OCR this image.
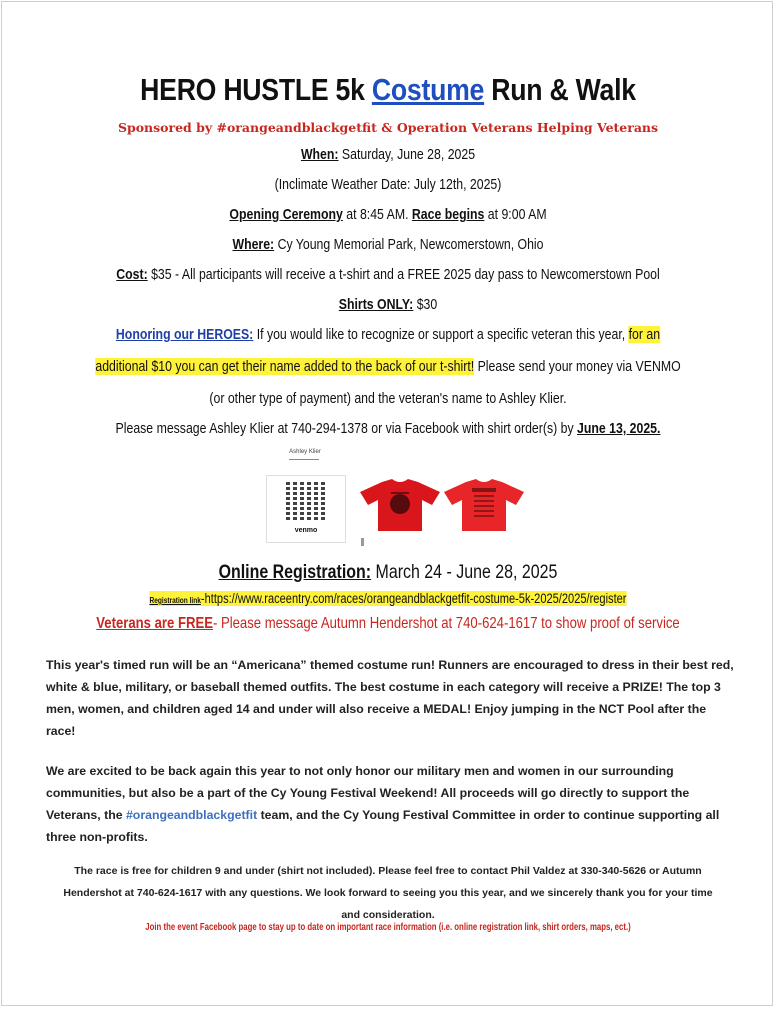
HERO HUSTLE 5k Costume Run & Walk
Sponsored by #orangeandblackgetfit & Operation Veterans Helping Veterans
When: Saturday, June 28, 2025
(Inclimate Weather Date: July 12th, 2025)
Opening Ceremony at 8:45 AM. Race begins at 9:00 AM
Where: Cy Young Memorial Park, Newcomerstown, Ohio
Cost: $35 - All participants will receive a t-shirt and a FREE 2025 day pass to Newcomerstown Pool
Shirts ONLY: $30
Honoring our HEROES: If you would like to recognize or support a specific veteran this year, for an
additional $10 you can get their name added to the back of our t-shirt! Please send your money via VENMO
(or other type of payment) and the veteran's name to Ashley Klier.
Please message Ashley Klier at 740-294-1378 or via Facebook with shirt order(s) by June 13, 2025.
Ashley Klier
venmo
Online Registration: March 24 - June 28, 2025
Registration link-https://www.raceentry.com/races/orangeandblackgetfit-costume-5k-2025/2025/register
Veterans are FREE- Please message Autumn Hendershot at 740-624-1617 to show proof of service
This year's timed run will be an “Americana” themed costume run! Runners are encouraged to dress in their best red, white & blue, military, or baseball themed outfits. The best costume in each category will receive a PRIZE! The top 3 men, women, and children aged 14 and under will also receive a MEDAL! Enjoy jumping in the NCT Pool after the race!
We are excited to be back again this year to not only honor our military men and women in our surrounding communities, but also be a part of the Cy Young Festival Weekend! All proceeds will go directly to support the Veterans, the #orangeandblackgetfit team, and the Cy Young Festival Committee in order to continue supporting all three non-profits.
The race is free for children 9 and under (shirt not included). Please feel free to contact Phil Valdez at 330-340-5626 or Autumn Hendershot at 740-624-1617 with any questions. We look forward to seeing you this year, and we sincerely thank you for your time and consideration.
Join the event Facebook page to stay up to date on important race information (i.e. online registration link, shirt orders, maps, ect.)
